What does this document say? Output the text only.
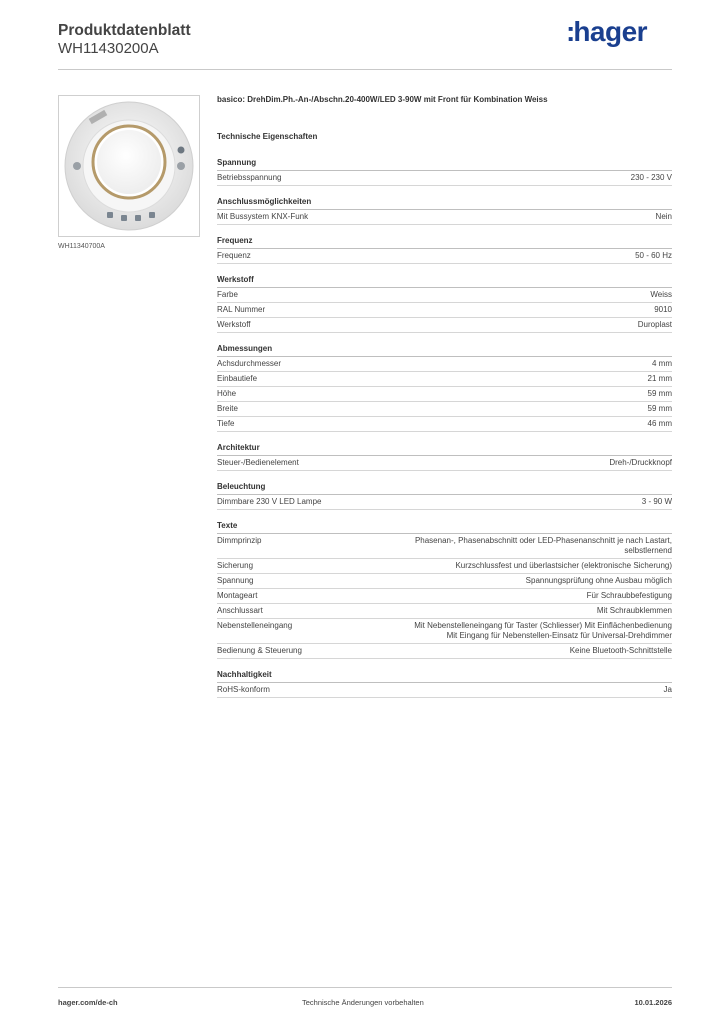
Produktdatenblatt
WH11430200A
:hager
WH11340700A
basico: DrehDim.Ph.-An-/Abschn.20-400W/LED 3-90W mit Front für Kombination Weiss
Technische Eigenschaften
Spannung
Betriebsspannung	230 - 230 V
Anschlussmöglichkeiten
Mit Bussystem KNX-Funk	Nein
Frequenz
Frequenz	50 - 60 Hz
Werkstoff
Farbe	Weiss
RAL Nummer	9010
Werkstoff	Duroplast
Abmessungen
Achsdurchmesser	4 mm
Einbautiefe	21 mm
Höhe	59 mm
Breite	59 mm
Tiefe	46 mm
Architektur
Steuer-/Bedienelement	Dreh-/Druckknopf
Beleuchtung
Dimmbare 230 V LED Lampe	3 - 90 W
Texte
Dimmprinzip	Phasenan-, Phasenabschnitt oder LED-Phasenanschnitt je nach Lastart,
selbstlernend
Sicherung	Kurzschlussfest und überlastsicher (elektronische Sicherung)
Spannung	Spannungsprüfung ohne Ausbau möglich
Montageart	Für Schraubbefestigung
Anschlussart	Mit Schraubklemmen
Nebenstelleneingang	Mit Nebenstelleneingang für Taster (Schliesser) Mit Einflächenbedienung
Mit Eingang für Nebenstellen-Einsatz für Universal-Drehdimmer
Bedienung & Steuerung	Keine Bluetooth-Schnittstelle
Nachhaltigkeit
RoHS-konform	Ja
hager.com/de-ch	Technische Änderungen vorbehalten	10.01.2026
